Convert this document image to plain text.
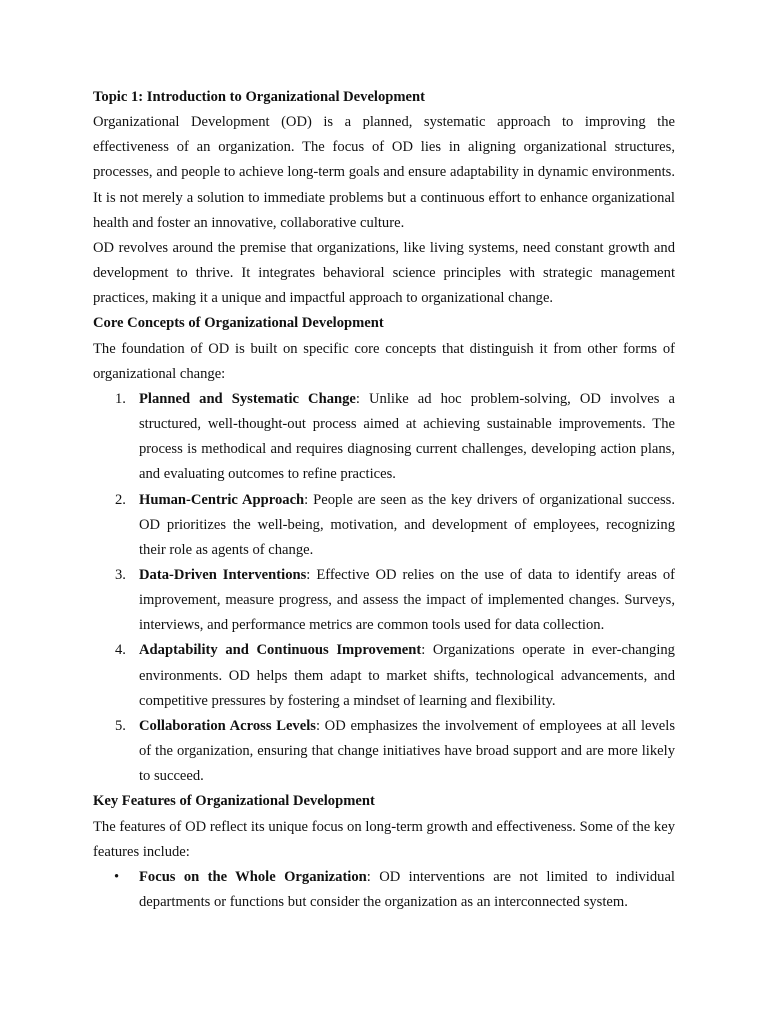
Topic 1: Introduction to Organizational Development

Organizational Development (OD) is a planned, systematic approach to improving the effectiveness of an organization. The focus of OD lies in aligning organizational structures, processes, and people to achieve long-term goals and ensure adaptability in dynamic environments. It is not merely a solution to immediate problems but a continuous effort to enhance organizational health and foster an innovative, collaborative culture.

OD revolves around the premise that organizations, like living systems, need constant growth and development to thrive. It integrates behavioral science principles with strategic management practices, making it a unique and impactful approach to organizational change.

Core Concepts of Organizational Development

The foundation of OD is built on specific core concepts that distinguish it from other forms of organizational change:

1. Planned and Systematic Change: Unlike ad hoc problem-solving, OD involves a structured, well-thought-out process aimed at achieving sustainable improvements. The process is methodical and requires diagnosing current challenges, developing action plans, and evaluating outcomes to refine practices.
2. Human-Centric Approach: People are seen as the key drivers of organizational success. OD prioritizes the well-being, motivation, and development of employees, recognizing their role as agents of change.
3. Data-Driven Interventions: Effective OD relies on the use of data to identify areas of improvement, measure progress, and assess the impact of implemented changes. Surveys, interviews, and performance metrics are common tools used for data collection.
4. Adaptability and Continuous Improvement: Organizations operate in ever-changing environments. OD helps them adapt to market shifts, technological advancements, and competitive pressures by fostering a mindset of learning and flexibility.
5. Collaboration Across Levels: OD emphasizes the involvement of employees at all levels of the organization, ensuring that change initiatives have broad support and are more likely to succeed.

Key Features of Organizational Development

The features of OD reflect its unique focus on long-term growth and effectiveness. Some of the key features include:

• Focus on the Whole Organization: OD interventions are not limited to individual departments or functions but consider the organization as an interconnected system.
